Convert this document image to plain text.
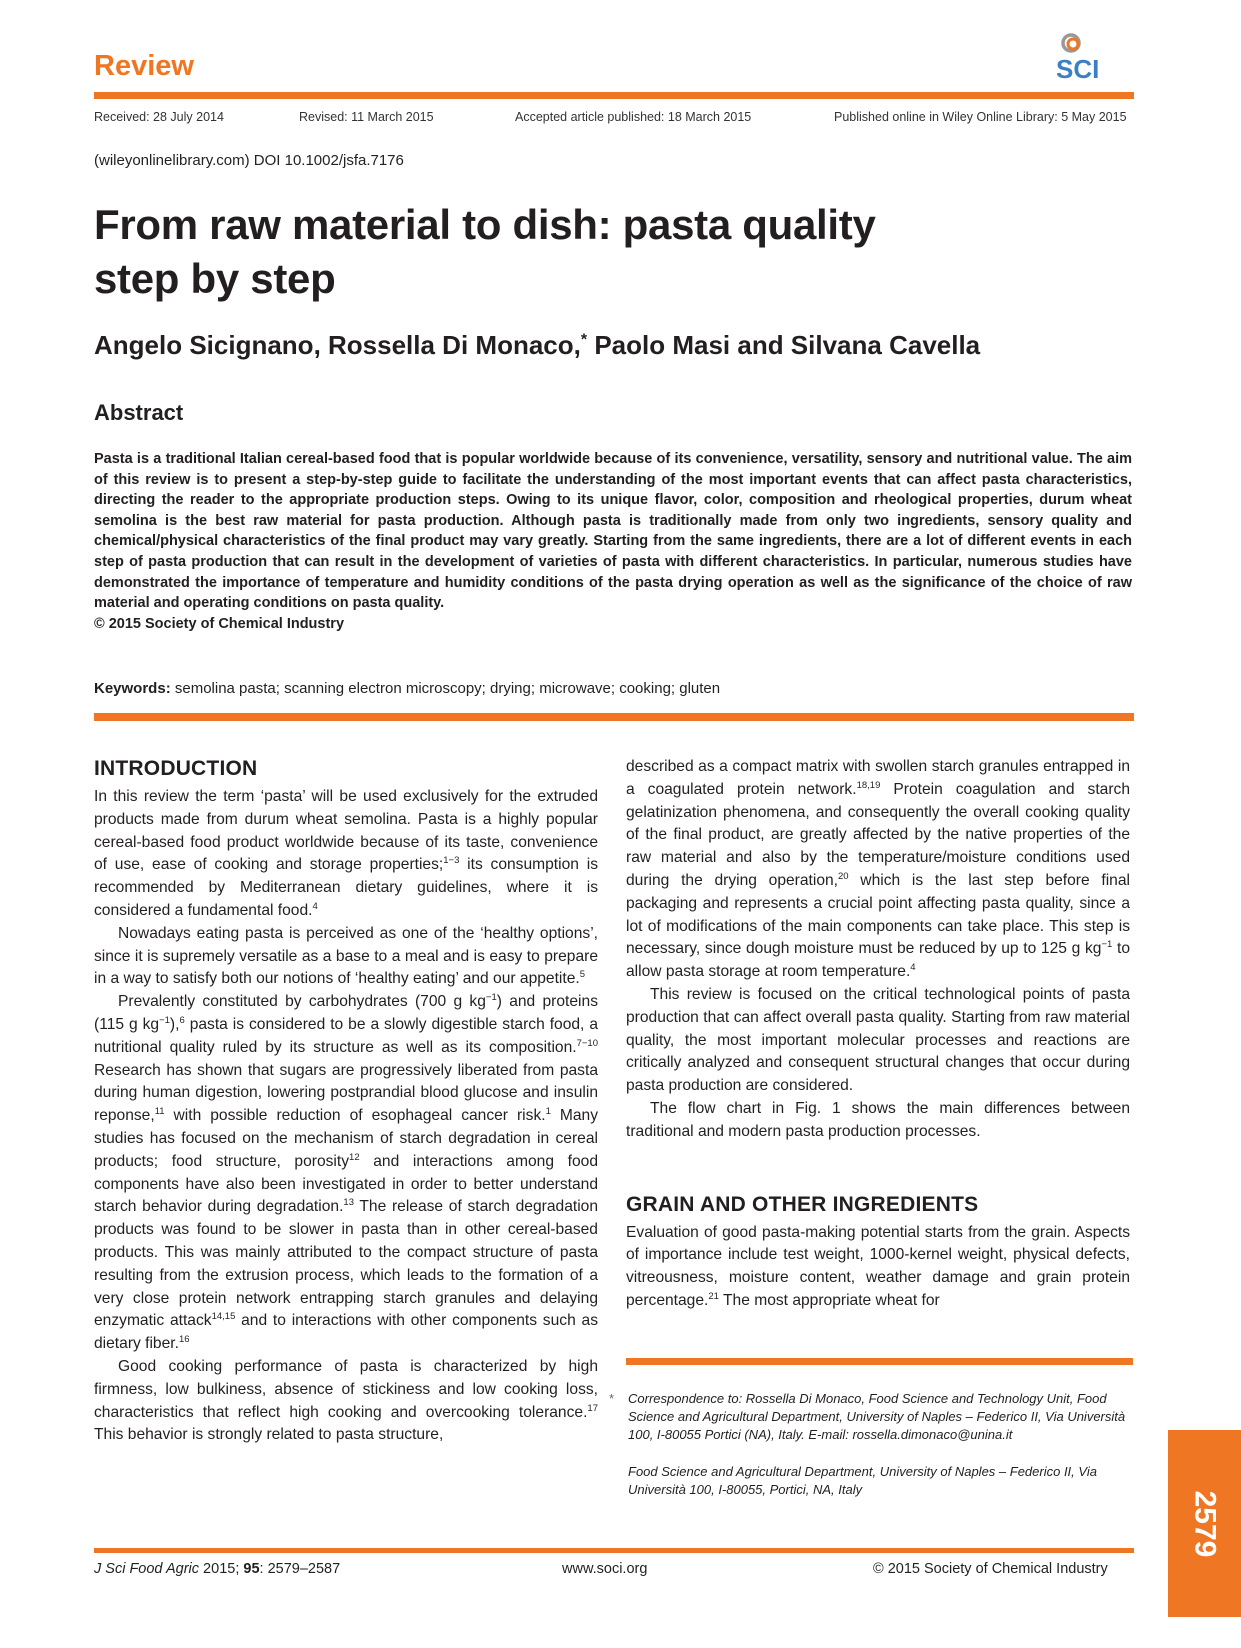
Review	SCI
Received: 28 July 2014	Revised: 11 March 2015	Accepted article published: 18 March 2015	Published online in Wiley Online Library: 5 May 2015
(wileyonlinelibrary.com) DOI 10.1002/jsfa.7176
From raw material to dish: pasta quality
step by step
Angelo Sicignano, Rossella Di Monaco,* Paolo Masi and Silvana Cavella
Abstract
Pasta is a traditional Italian cereal-based food that is popular worldwide because of its convenience, versatility, sensory and nutritional value. The aim of this review is to present a step-by-step guide to facilitate the understanding of the most important events that can affect pasta characteristics, directing the reader to the appropriate production steps. Owing to its unique flavor, color, composition and rheological properties, durum wheat semolina is the best raw material for pasta production. Although pasta is traditionally made from only two ingredients, sensory quality and chemical/physical characteristics of the final product may vary greatly. Starting from the same ingredients, there are a lot of different events in each step of pasta production that can result in the development of varieties of pasta with different characteristics. In particular, numerous studies have demonstrated the importance of temperature and humidity conditions of the pasta drying operation as well as the significance of the choice of raw material and operating conditions on pasta quality.
© 2015 Society of Chemical Industry
Keywords: semolina pasta; scanning electron microscopy; drying; microwave; cooking; gluten
INTRODUCTION

In this review the term ‘pasta’ will be used exclusively for the extruded products made from durum wheat semolina. Pasta is a highly popular cereal-based food product worldwide because of its taste, convenience of use, ease of cooking and storage properties;$^{1-3}$ its consumption is recommended by Mediterranean dietary guidelines, where it is considered a fundamental food.$^4$

Nowadays eating pasta is perceived as one of the ‘healthy options’, since it is supremely versatile as a base to a meal and is easy to prepare in a way to satisfy both our notions of ‘healthy eating’ and our appetite.$^5$

Prevalently constituted by carbohydrates (700 g $kg^{-1}$) and proteins (115 g $kg^{-1}),^6$ pasta is considered to be a slowly digestible starch food, a nutritional quality ruled by its structure as well as its composition.$^{7-10}$ Research has shown that sugars are progressively liberated from pasta during human digestion, lowering postprandial blood glucose and insulin reponse,$^{11}$ with possible reduction of esophageal cancer risk.$^1$ Many studies has focused on the mechanism of starch degradation in cereal products; food structure, porosity$^{12}$ and interactions among food components have also been investigated in order to better understand starch behavior during degradation.$^{13}$ The release of starch degradation products was found to be slower in pasta than in other cereal-based products. This was mainly attributed to the compact structure of pasta resulting from the extrusion process, which leads to the formation of a very close protein network entrapping starch granules and delaying enzymatic attack$^{14,15}$ and to interactions with other components such as dietary fiber.$^{16}$

Good cooking performance of pasta is characterized by high firmness, low bulkiness, absence of stickiness and low cooking loss, characteristics that reflect high cooking and overcooking tolerance.$^{17}$ This behavior is strongly related to pasta structure,

described as a compact matrix with swollen starch granules entrapped in a coagulated protein network.$^{18,19}$ Protein coagulation and starch gelatinization phenomena, and consequently the overall cooking quality of the final product, are greatly affected by the native properties of the raw material and also by the temperature/moisture conditions used during the drying operation,$^{20}$ which is the last step before final packaging and represents a crucial point affecting pasta quality, since a lot of modifications of the main components can take place. This step is necessary, since dough moisture must be reduced by up to 125 g $kg^{-1}$ to allow pasta storage at room temperature.$^4$

This review is focused on the critical technological points of pasta production that can affect overall pasta quality. Starting from raw material quality, the most important molecular processes and reactions are critically analyzed and consequent structural changes that occur during pasta production are considered.

The flow chart in Fig. 1 shows the main differences between traditional and modern pasta production processes.

GRAIN AND OTHER INGREDIENTS

Evaluation of good pasta-making potential starts from the grain. Aspects of importance include test weight, 1000-kernel weight, physical defects, vitreousness, moisture content, weather damage and grain protein percentage.$^{21}$ The most appropriate wheat for

* Correspondence to: Rossella Di Monaco, Food Science and Technology Unit, Food Science and Agricultural Department, University of Naples – Federico II, Via Università 100, I-80055 Portici (NA), Italy. E-mail: rossella.dimonaco@unina.it
Food Science and Agricultural Department, University of Naples – Federico II, Via Università 100, I-80055, Portici, NA, Italy
2579
J Sci Food Agric 2015; 95: 2579–2587	www.soci.org	© 2015 Society of Chemical Industry
